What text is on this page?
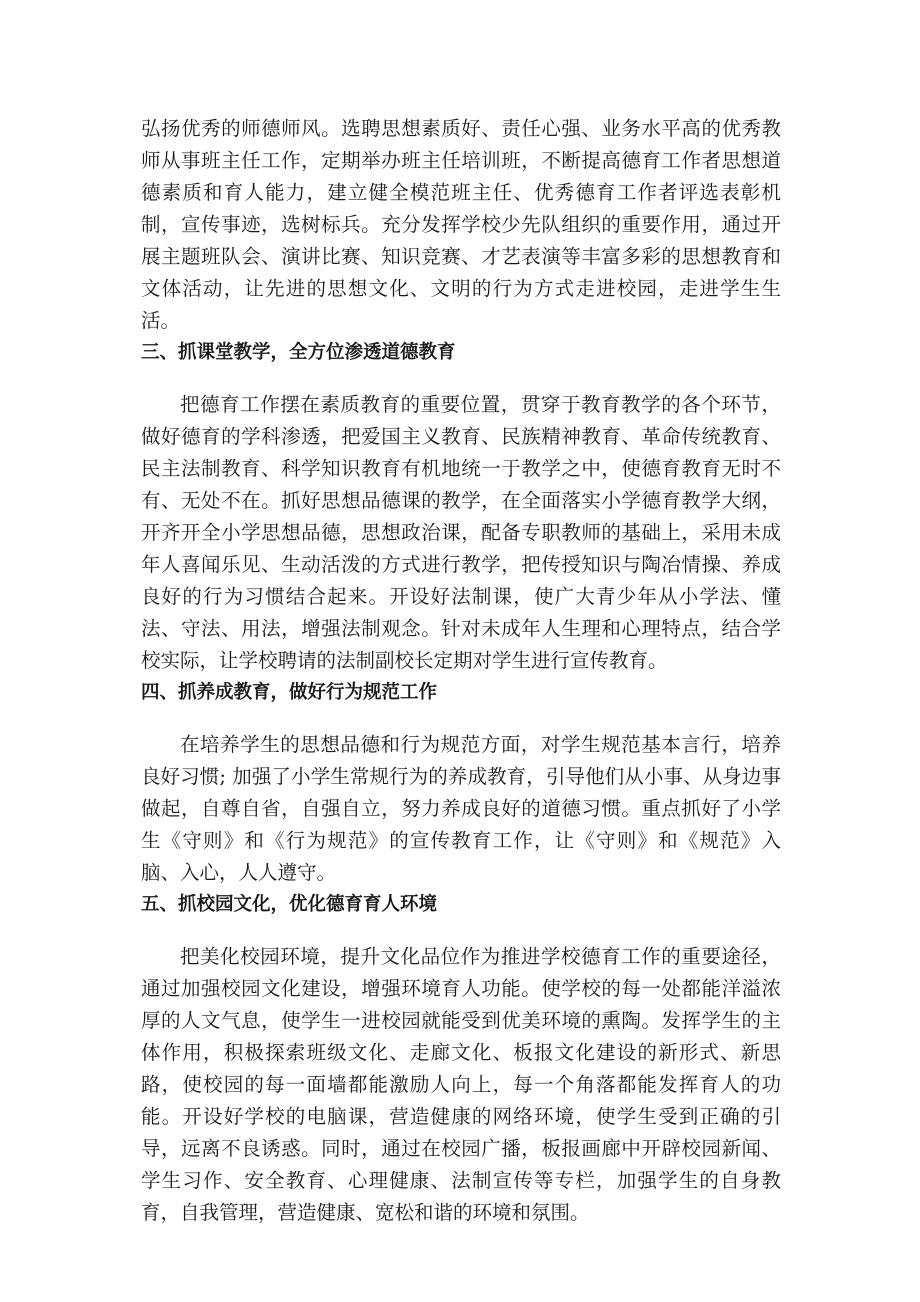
弘扬优秀的师德师风。选聘思想素质好、责任心强、业务水平高的优秀教师从事班主任工作，定期举办班主任培训班，不断提高德育工作者思想道德素质和育人能力，建立健全模范班主任、优秀德育工作者评选表彰机制，宣传事迹，选树标兵。充分发挥学校少先队组织的重要作用，通过开展主题班队会、演讲比赛、知识竞赛、才艺表演等丰富多彩的思想教育和文体活动，让先进的思想文化、文明的行为方式走进校园，走进学生生活。

三、抓课堂教学，全方位渗透道德教育

把德育工作摆在素质教育的重要位置，贯穿于教育教学的各个环节，做好德育的学科渗透，把爱国主义教育、民族精神教育、革命传统教育、民主法制教育、科学知识教育有机地统一于教学之中，使德育教育无时不有、无处不在。抓好思想品德课的教学，在全面落实小学德育教学大纲，开齐开全小学思想品德，思想政治课，配备专职教师的基础上，采用未成年人喜闻乐见、生动活泼的方式进行教学，把传授知识与陶冶情操、养成良好的行为习惯结合起来。开设好法制课，使广大青少年从小学法、懂法、守法、用法，增强法制观念。针对未成年人生理和心理特点，结合学校实际，让学校聘请的法制副校长定期对学生进行宣传教育。

四、抓养成教育，做好行为规范工作

在培养学生的思想品德和行为规范方面，对学生规范基本言行，培养良好习惯; 加强了小学生常规行为的养成教育，引导他们从小事、从身边事做起，自尊自省，自强自立，努力养成良好的道德习惯。重点抓好了小学生《守则》和《行为规范》的宣传教育工作，让《守则》和《规范》入脑、入心，人人遵守。

五、抓校园文化，优化德育育人环境

把美化校园环境，提升文化品位作为推进学校德育工作的重要途径，通过加强校园文化建设，增强环境育人功能。使学校的每一处都能洋溢浓厚的人文气息，使学生一进校园就能受到优美环境的熏陶。发挥学生的主体作用，积极探索班级文化、走廊文化、板报文化建设的新形式、新思路，使校园的每一面墙都能激励人向上，每一个角落都能发挥育人的功能。开设好学校的电脑课，营造健康的网络环境，使学生受到正确的引导，远离不良诱惑。同时，通过在校园广播，板报画廊中开辟校园新闻、学生习作、安全教育、心理健康、法制宣传等专栏，加强学生的自身教育，自我管理，营造健康、宽松和谐的环境和氛围。
